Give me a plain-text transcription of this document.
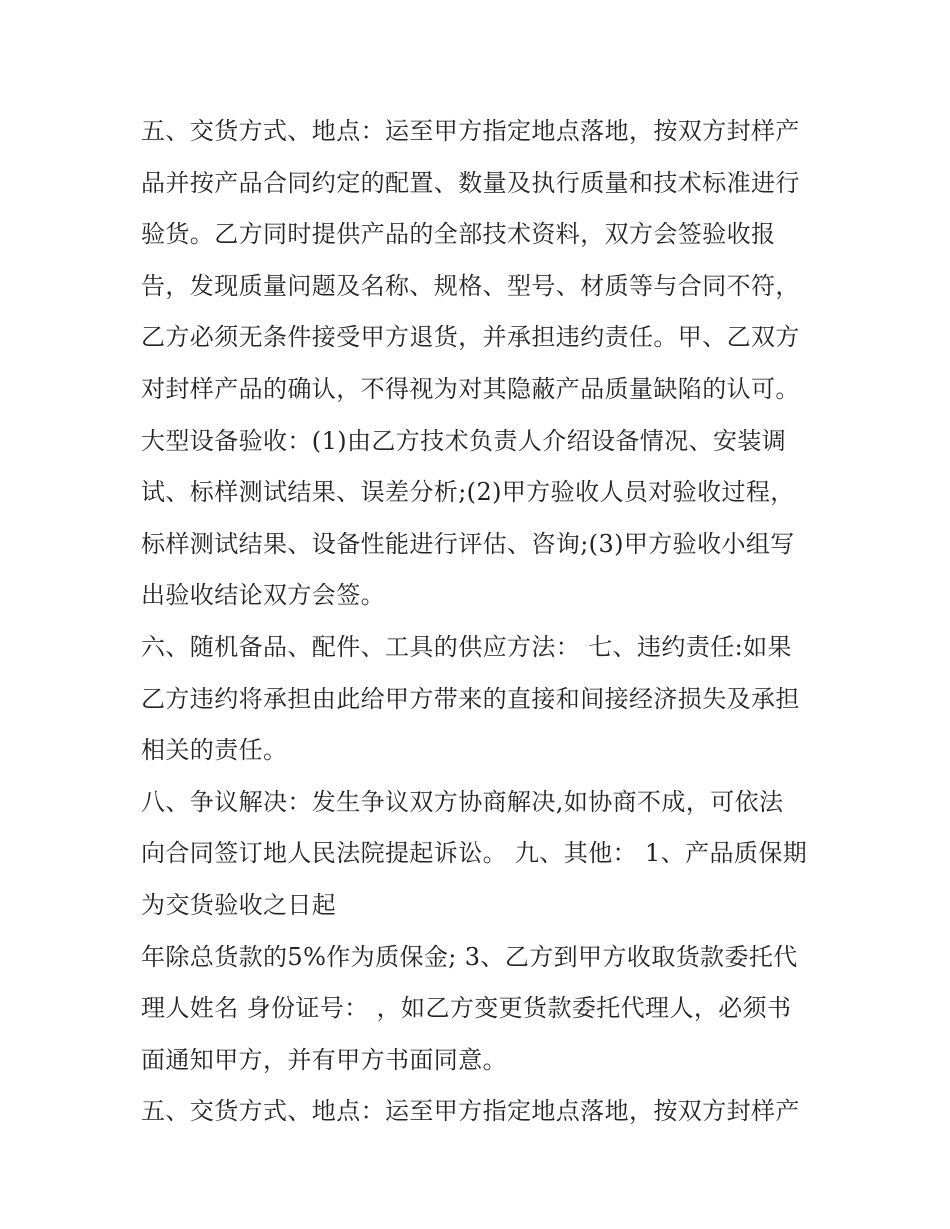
五、交货方式、地点：运至甲方指定地点落地，按双方封样产
品并按产品合同约定的配置、数量及执行质量和技术标准进行
验货。乙方同时提供产品的全部技术资料，双方会签验收报
告，发现质量问题及名称、规格、型号、材质等与合同不符，
乙方必须无条件接受甲方退货，并承担违约责任。甲、乙双方
对封样产品的确认，不得视为对其隐蔽产品质量缺陷的认可。
大型设备验收：(1)由乙方技术负责人介绍设备情况、安装调
试、标样测试结果、误差分析;(2)甲方验收人员对验收过程，
标样测试结果、设备性能进行评估、咨询;(3)甲方验收小组写
出验收结论双方会签。
六、随机备品、配件、工具的供应方法： 七、违约责任:如果
乙方违约将承担由此给甲方带来的直接和间接经济损失及承担
相关的责任。
八、争议解决：发生争议双方协商解决,如协商不成，可依法
向合同签订地人民法院提起诉讼。 九、其他： 1、产品质保期
为交货验收之日起
年除总货款的5%作为质保金; 3、乙方到甲方收取货款委托代
理人姓名 身份证号： ，如乙方变更货款委托代理人，必须书
面通知甲方，并有甲方书面同意。
五、交货方式、地点：运至甲方指定地点落地，按双方封样产
